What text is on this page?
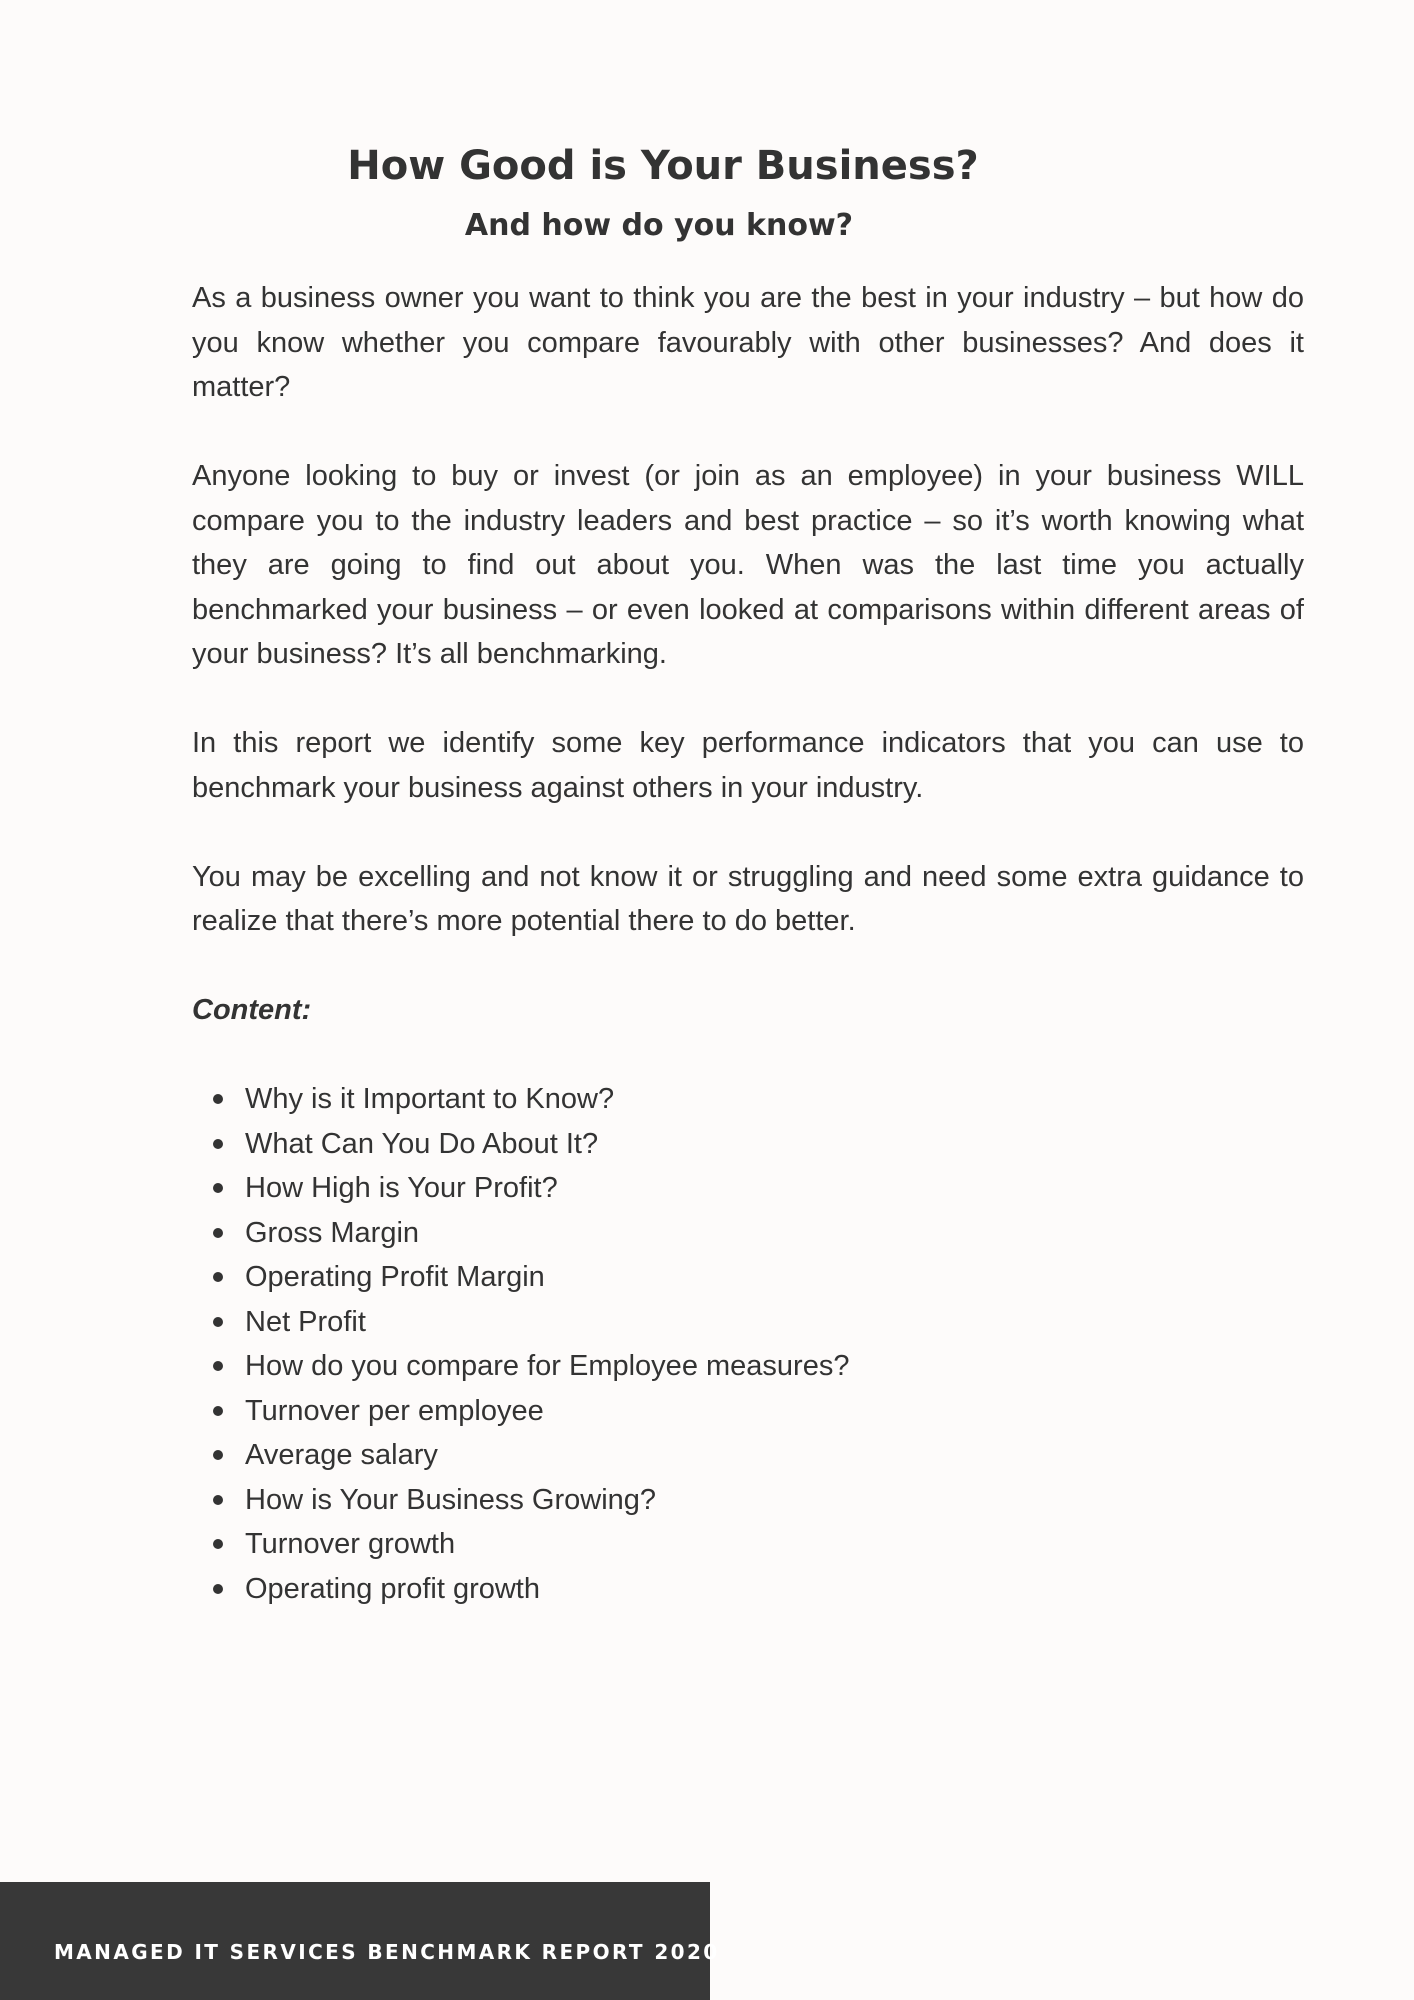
How Good is Your Business?
And how do you know?

As a business owner you want to think you are the best in your industry – but how do you know whether you compare favourably with other businesses? And does it matter?

Anyone looking to buy or invest (or join as an employee) in your business WILL compare you to the industry leaders and best practice – so it’s worth knowing what they are going to find out about you. When was the last time you actually benchmarked your business – or even looked at comparisons within different areas of your business? It’s all benchmarking.

In this report we identify some key performance indicators that you can use to benchmark your business against others in your industry.

You may be excelling and not know it or struggling and need some extra guidance to realize that there’s more potential there to do better.

Content:
Why is it Important to Know?
What Can You Do About It?
How High is Your Profit?
Gross Margin
Operating Profit Margin
Net Profit
How do you compare for Employee measures?
Turnover per employee
Average salary
How is Your Business Growing?
Turnover growth
Operating profit growth

MANAGED IT SERVICES BENCHMARK REPORT 2020
